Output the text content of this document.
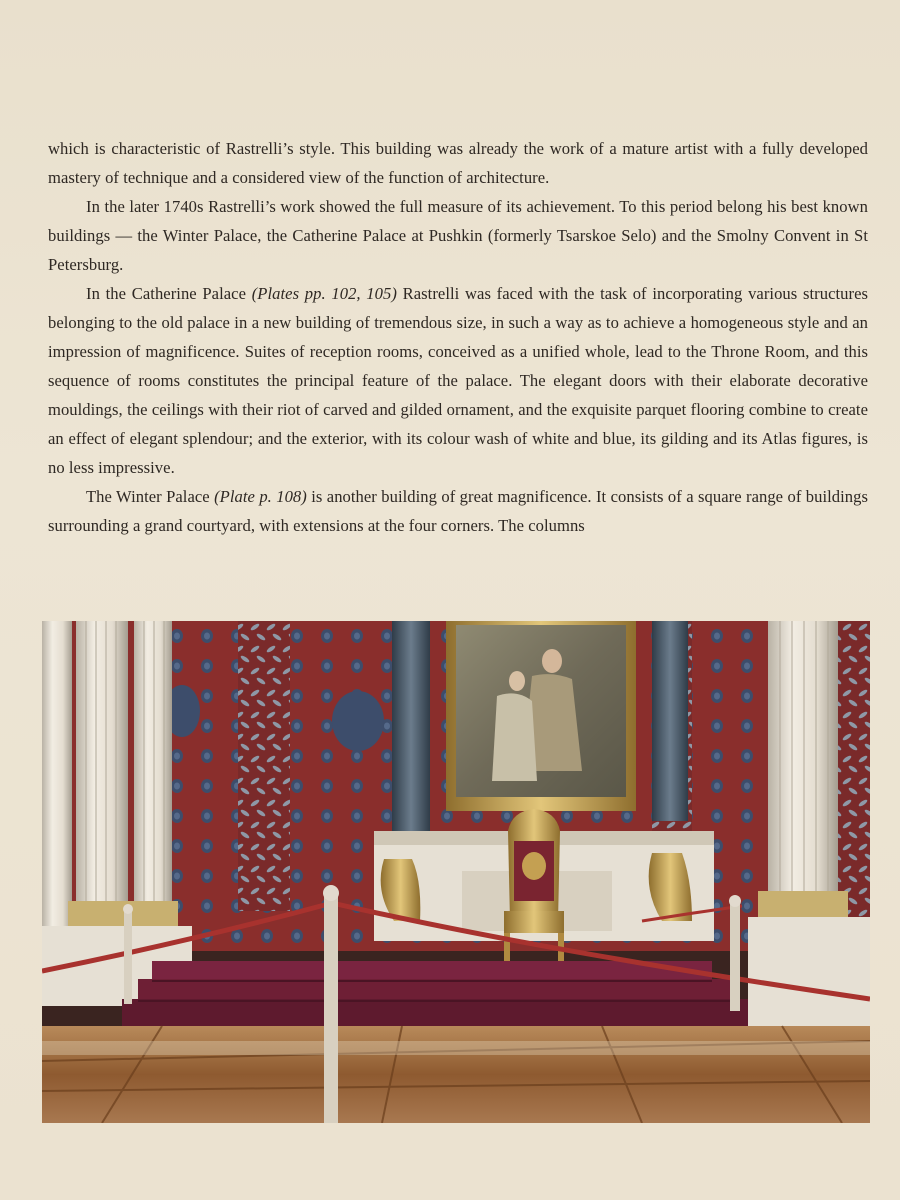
which is characteristic of Rastrelli’s style. This building was already the work of a mature artist with a fully developed mastery of technique and a considered view of the function of architecture.

In the later 1740s Rastrelli’s work showed the full measure of its achievement. To this period belong his best known buildings — the Winter Palace, the Catherine Palace at Pushkin (formerly Tsarskoe Selo) and the Smolny Convent in St Petersburg.

In the Catherine Palace (Plates pp. 102, 105) Rastrelli was faced with the task of incorporating various structures belonging to the old palace in a new building of tremendous size, in such a way as to achieve a homogeneous style and an impression of magnificence. Suites of reception rooms, conceived as a unified whole, lead to the Throne Room, and this sequence of rooms constitutes the principal feature of the palace. The elegant doors with their elaborate decorative mouldings, the ceilings with their riot of carved and gilded ornament, and the exquisite parquet flooring combine to create an effect of elegant splendour; and the exterior, with its colour wash of white and blue, its gilding and its Atlas figures, is no less impressive.

The Winter Palace (Plate p. 108) is another building of great magnificence. It consists of a square range of buildings surrounding a grand courtyard, with extensions at the four corners. The columns
